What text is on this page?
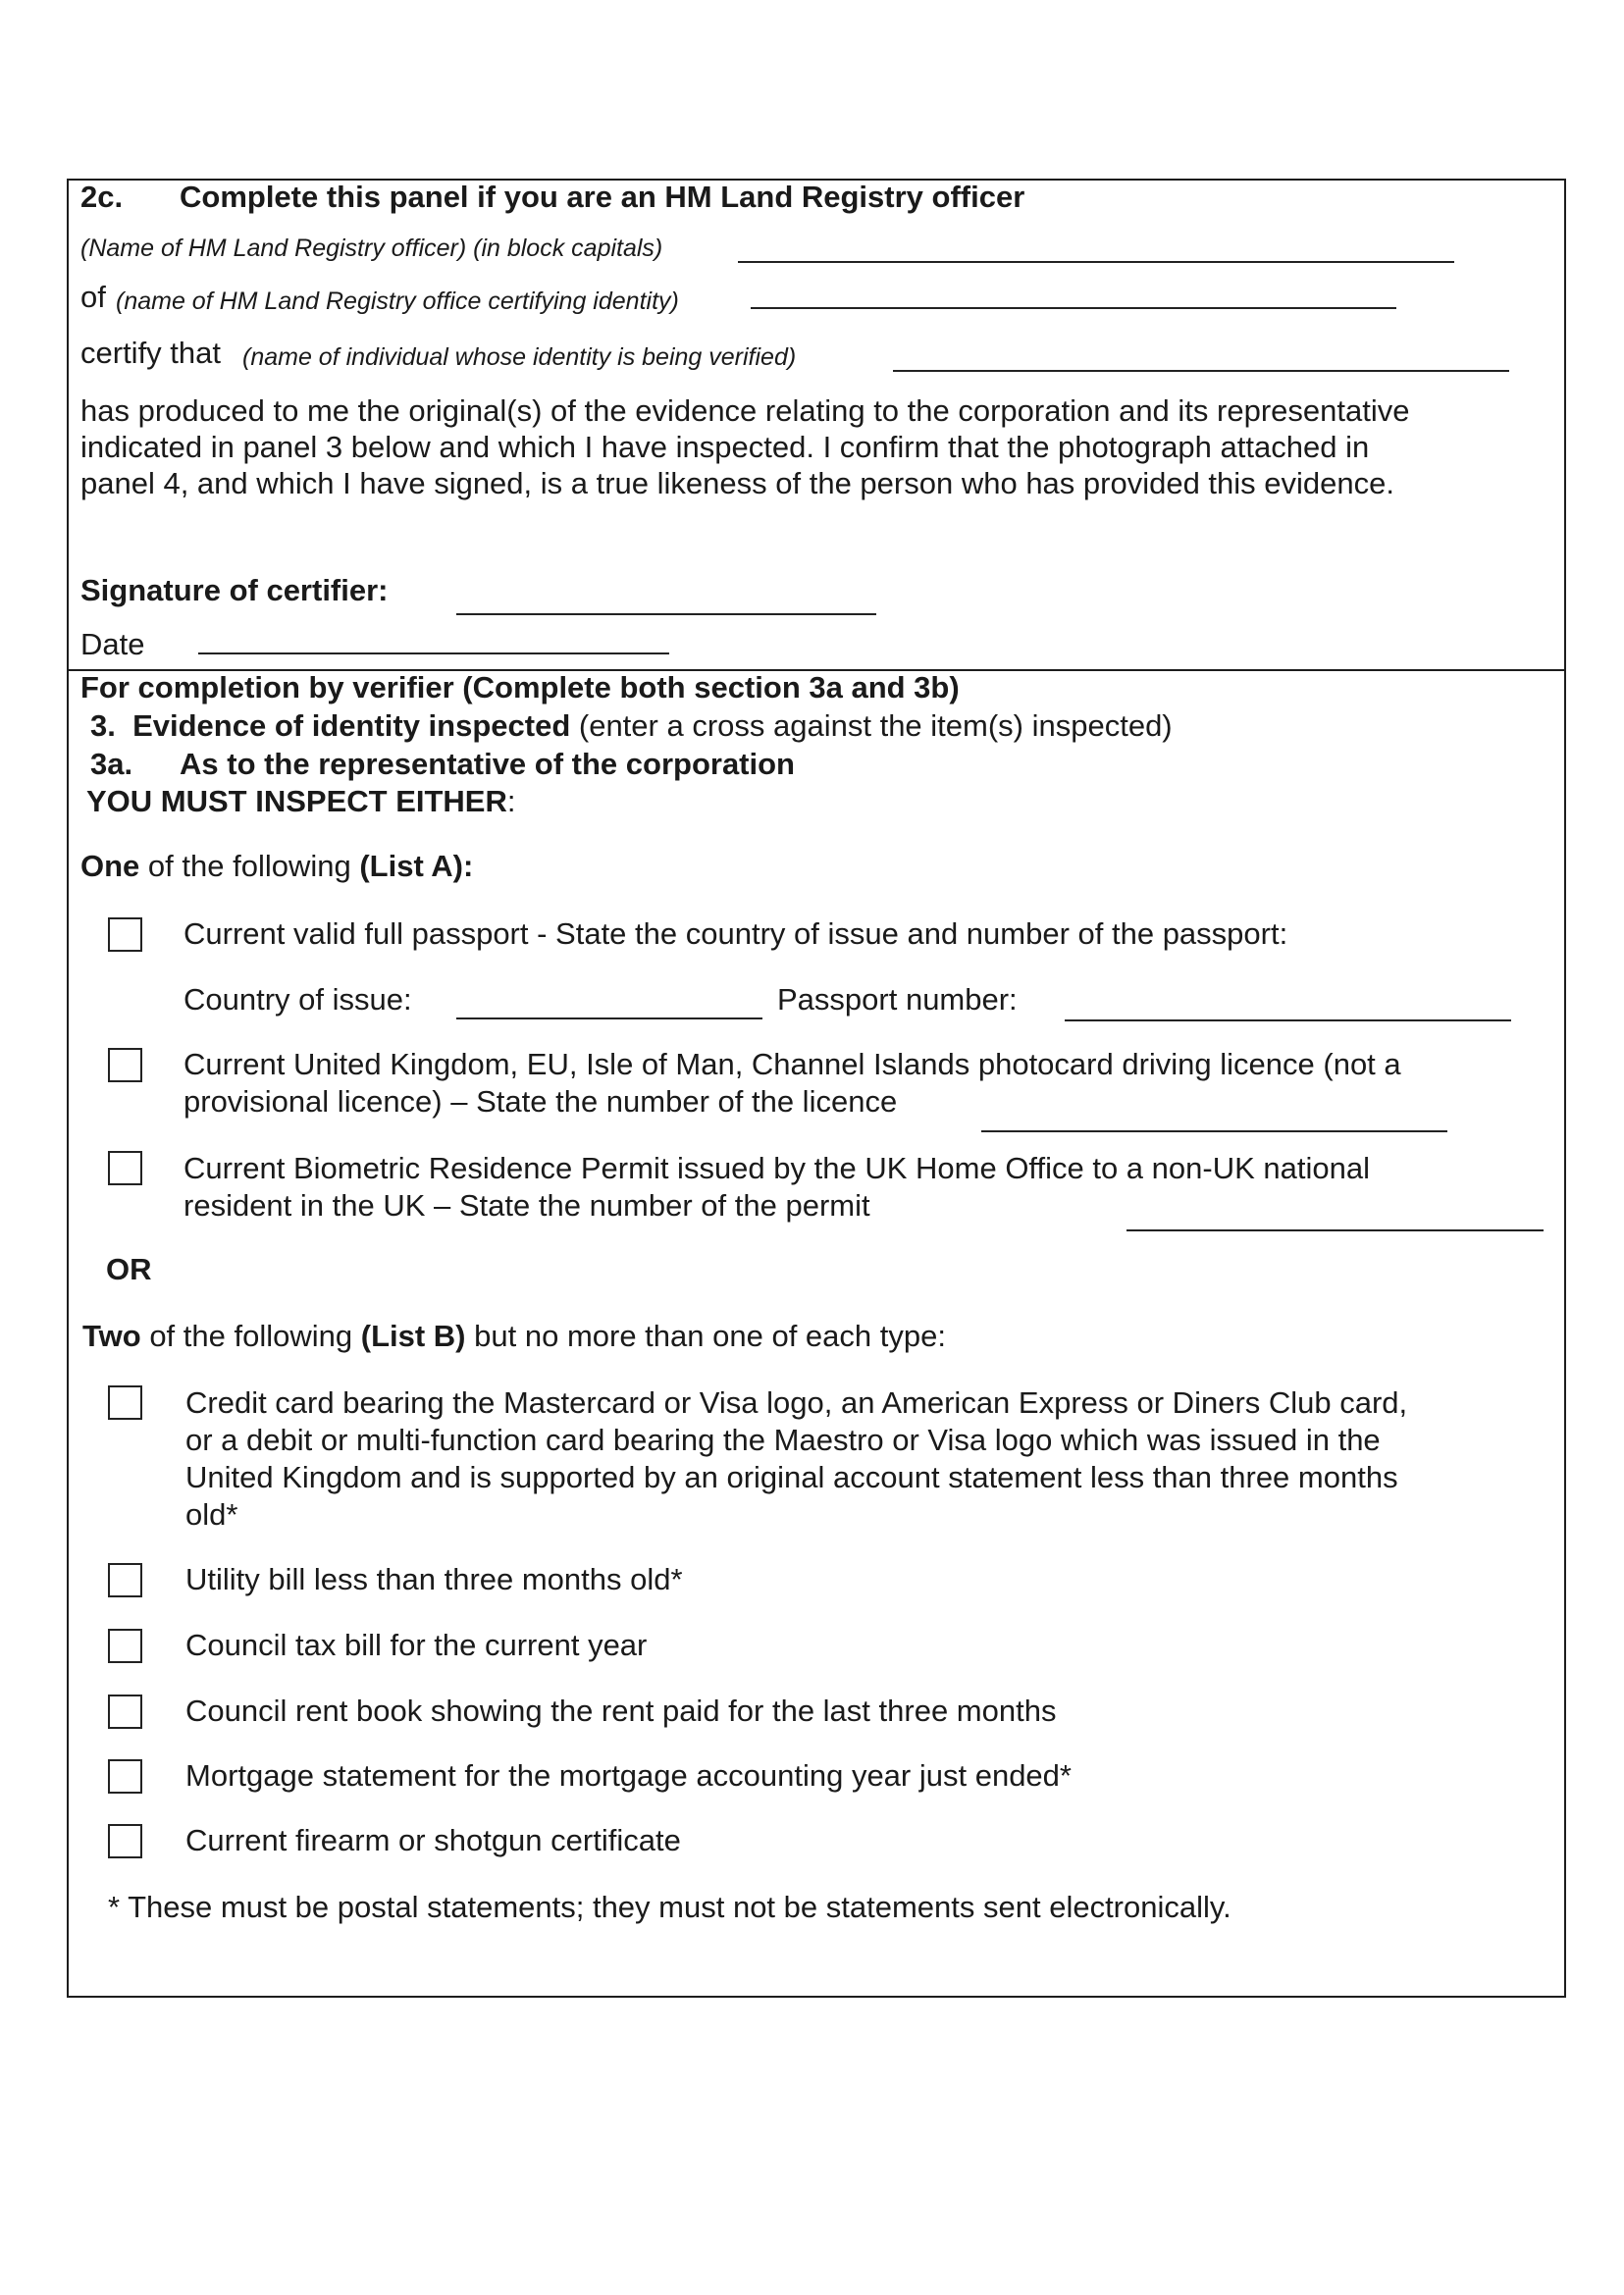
2c. Complete this panel if you are an HM Land Registry officer
(Name of HM Land Registry officer) (in block capitals)
of (name of HM Land Registry office certifying identity)
certify that (name of individual whose identity is being verified)
has produced to me the original(s) of the evidence relating to the corporation and its representative
indicated in panel 3 below and which I have inspected. I confirm that the photograph attached in
panel 4, and which I have signed, is a true likeness of the person who has provided this evidence.
Signature of certifier:
Date
For completion by verifier (Complete both section 3a and 3b)
3. Evidence of identity inspected (enter a cross against the item(s) inspected)
3a. As to the representative of the corporation
YOU MUST INSPECT EITHER:
One of the following (List A):
Current valid full passport - State the country of issue and number of the passport:
Country of issue:	Passport number:
Current United Kingdom, EU, Isle of Man, Channel Islands photocard driving licence (not a
provisional licence) – State the number of the licence
Current Biometric Residence Permit issued by the UK Home Office to a non-UK national
resident in the UK – State the number of the permit
OR
Two of the following (List B) but no more than one of each type:
Credit card bearing the Mastercard or Visa logo, an American Express or Diners Club card,
or a debit or multi-function card bearing the Maestro or Visa logo which was issued in the
United Kingdom and is supported by an original account statement less than three months
old*
Utility bill less than three months old*
Council tax bill for the current year
Council rent book showing the rent paid for the last three months
Mortgage statement for the mortgage accounting year just ended*
Current firearm or shotgun certificate
* These must be postal statements; they must not be statements sent electronically.
